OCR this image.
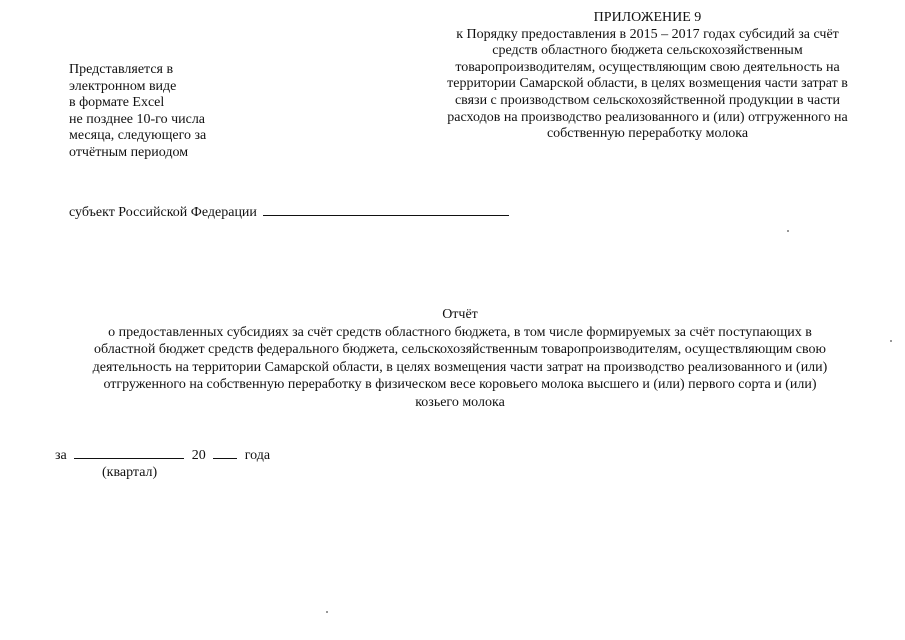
ПРИЛОЖЕНИЕ 9
к Порядку предоставления в 2015 – 2017 годах субсидий за счёт
средств областного бюджета сельскохозяйственным
товаропроизводителям, осуществляющим свою деятельность на
территории Самарской области, в целях возмещения части затрат в
связи с производством сельскохозяйственной продукции в части
расходов на производство реализованного и (или) отгруженного на
собственную переработку молока
Представляется в
электронном виде
в формате Excel
не позднее 10-го числа
месяца, следующего за
отчётным периодом
субъект Российской Федерации
Отчёт
о предоставленных субсидиях за счёт средств областного бюджета, в том числе формируемых за счёт поступающих в
областной бюджет средств федерального бюджета, сельскохозяйственным товаропроизводителям, осуществляющим свою
деятельность на территории Самарской области, в целях возмещения части затрат на производство реализованного и (или)
отгруженного на собственную переработку в физическом весе коровьего молока высшего и (или) первого сорта и (или)
козьего молока
за	20	года
(квартал)
